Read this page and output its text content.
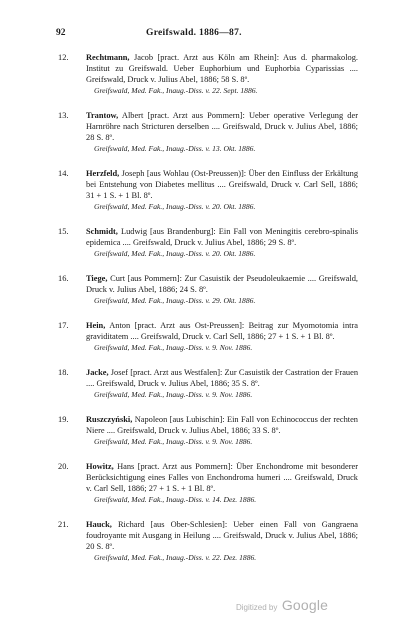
92	Greifswald. 1886—87.
12. Rechtmann, Jacob [pract. Arzt aus Köln am Rhein]: Aus d. pharmakolog. Institut zu Greifswald. Ueber Euphorbium und Euphorbia Cyparissias .... Greifswald, Druck v. Julius Abel, 1886; 58 S. 8º.
Greifswald, Med. Fak., Inaug.-Diss. v. 22. Sept. 1886.
13. Trantow, Albert [pract. Arzt aus Pommern]: Ueber operative Verlegung der Harnröhre nach Stricturen derselben .... Greifswald, Druck v. Julius Abel, 1886; 28 S. 8º.
Greifswald, Med. Fak., Inaug.-Diss. v. 13. Okt. 1886.
14. Herzfeld, Joseph [aus Wohlau (Ost-Preussen)]: Über den Einfluss der Erkältung bei Entstehung von Diabetes mellitus .... Greifswald, Druck v. Carl Sell, 1886; 31 + 1 S. + 1 Bl. 8º.
Greifswald, Med. Fak., Inaug.-Diss. v. 20. Okt. 1886.
15. Schmidt, Ludwig [aus Brandenburg]: Ein Fall von Meningitis cerebro-spinalis epidemica .... Greifswald, Druck v. Julius Abel, 1886; 29 S. 8º.
Greifswald, Med. Fak., Inaug.-Diss. v. 20. Okt. 1886.
16. Tiege, Curt [aus Pommern]: Zur Casuistik der Pseudoleukaemie .... Greifswald, Druck v. Julius Abel, 1886; 24 S. 8º.
Greifswald, Med. Fak., Inaug.-Diss. v. 29. Okt. 1886.
17. Hein, Anton [pract. Arzt aus Ost-Preussen]: Beitrag zur Myomotomia intra graviditatem .... Greifswald, Druck v. Carl Sell, 1886; 27 + 1 S. + 1 Bl. 8º.
Greifswald, Med. Fak., Inaug.-Diss. v. 9. Nov. 1886.
18. Jacke, Josef [pract. Arzt aus Westfalen]: Zur Casuistik der Castration der Frauen .... Greifswald, Druck v. Julius Abel, 1886; 35 S. 8º.
Greifswald, Med. Fak., Inaug.-Diss. v. 9. Nov. 1886.
19. Ruszczyński, Napoleon [aus Lubischin]: Ein Fall von Echinococcus der rechten Niere .... Greifswald, Druck v. Julius Abel, 1886; 33 S. 8º.
Greifswald, Med. Fak., Inaug.-Diss. v. 9. Nov. 1886.
20. Howitz, Hans [pract. Arzt aus Pommern]: Über Enchondrome mit besonderer Berücksichtigung eines Falles von Enchondroma humeri .... Greifswald, Druck v. Carl Sell, 1886; 27 + 1 S. + 1 Bl. 8º.
Greifswald, Med. Fak., Inaug.-Diss. v. 14. Dez. 1886.
21. Hauck, Richard [aus Ober-Schlesien]: Ueber einen Fall von Gangraena foudroyante mit Ausgang in Heilung .... Greifswald, Druck v. Julius Abel, 1886; 20 S. 8º.
Greifswald, Med. Fak., Inaug.-Diss. v. 22. Dez. 1886.
Digitized by Google
